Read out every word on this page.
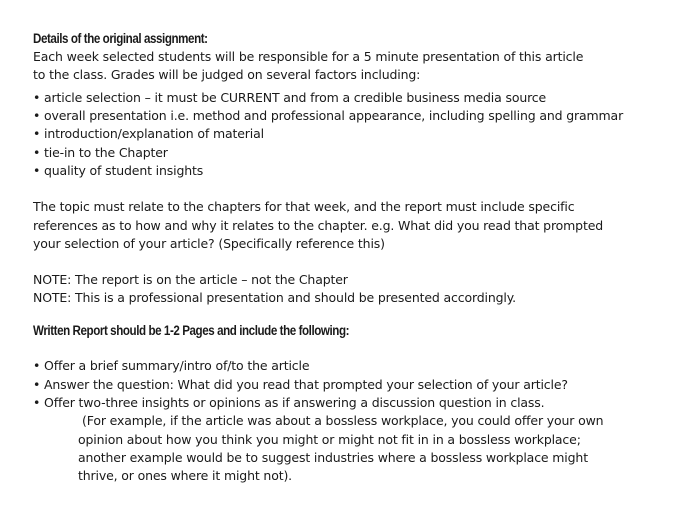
Details of the original assignment:
Each week selected students will be responsible for a 5 minute presentation of this article
to the class. Grades will be judged on several factors including:
• article selection – it must be CURRENT and from a credible business media source
• overall presentation i.e. method and professional appearance, including spelling and grammar
• introduction/explanation of material
• tie-in to the Chapter
• quality of student insights
The topic must relate to the chapters for that week, and the report must include specific
references as to how and why it relates to the chapter. e.g. What did you read that prompted
your selection of your article? (Specifically reference this)
NOTE: The report is on the article – not the Chapter
NOTE: This is a professional presentation and should be presented accordingly.
Written Report should be 1-2 Pages and include the following:
• Offer a brief summary/intro of/to the article
• Answer the question: What did you read that prompted your selection of your article?
• Offer two-three insights or opinions as if answering a discussion question in class.
(For example, if the article was about a bossless workplace, you could offer your own
opinion about how you think you might or might not fit in in a bossless workplace;
another example would be to suggest industries where a bossless workplace might
thrive, or ones where it might not).
